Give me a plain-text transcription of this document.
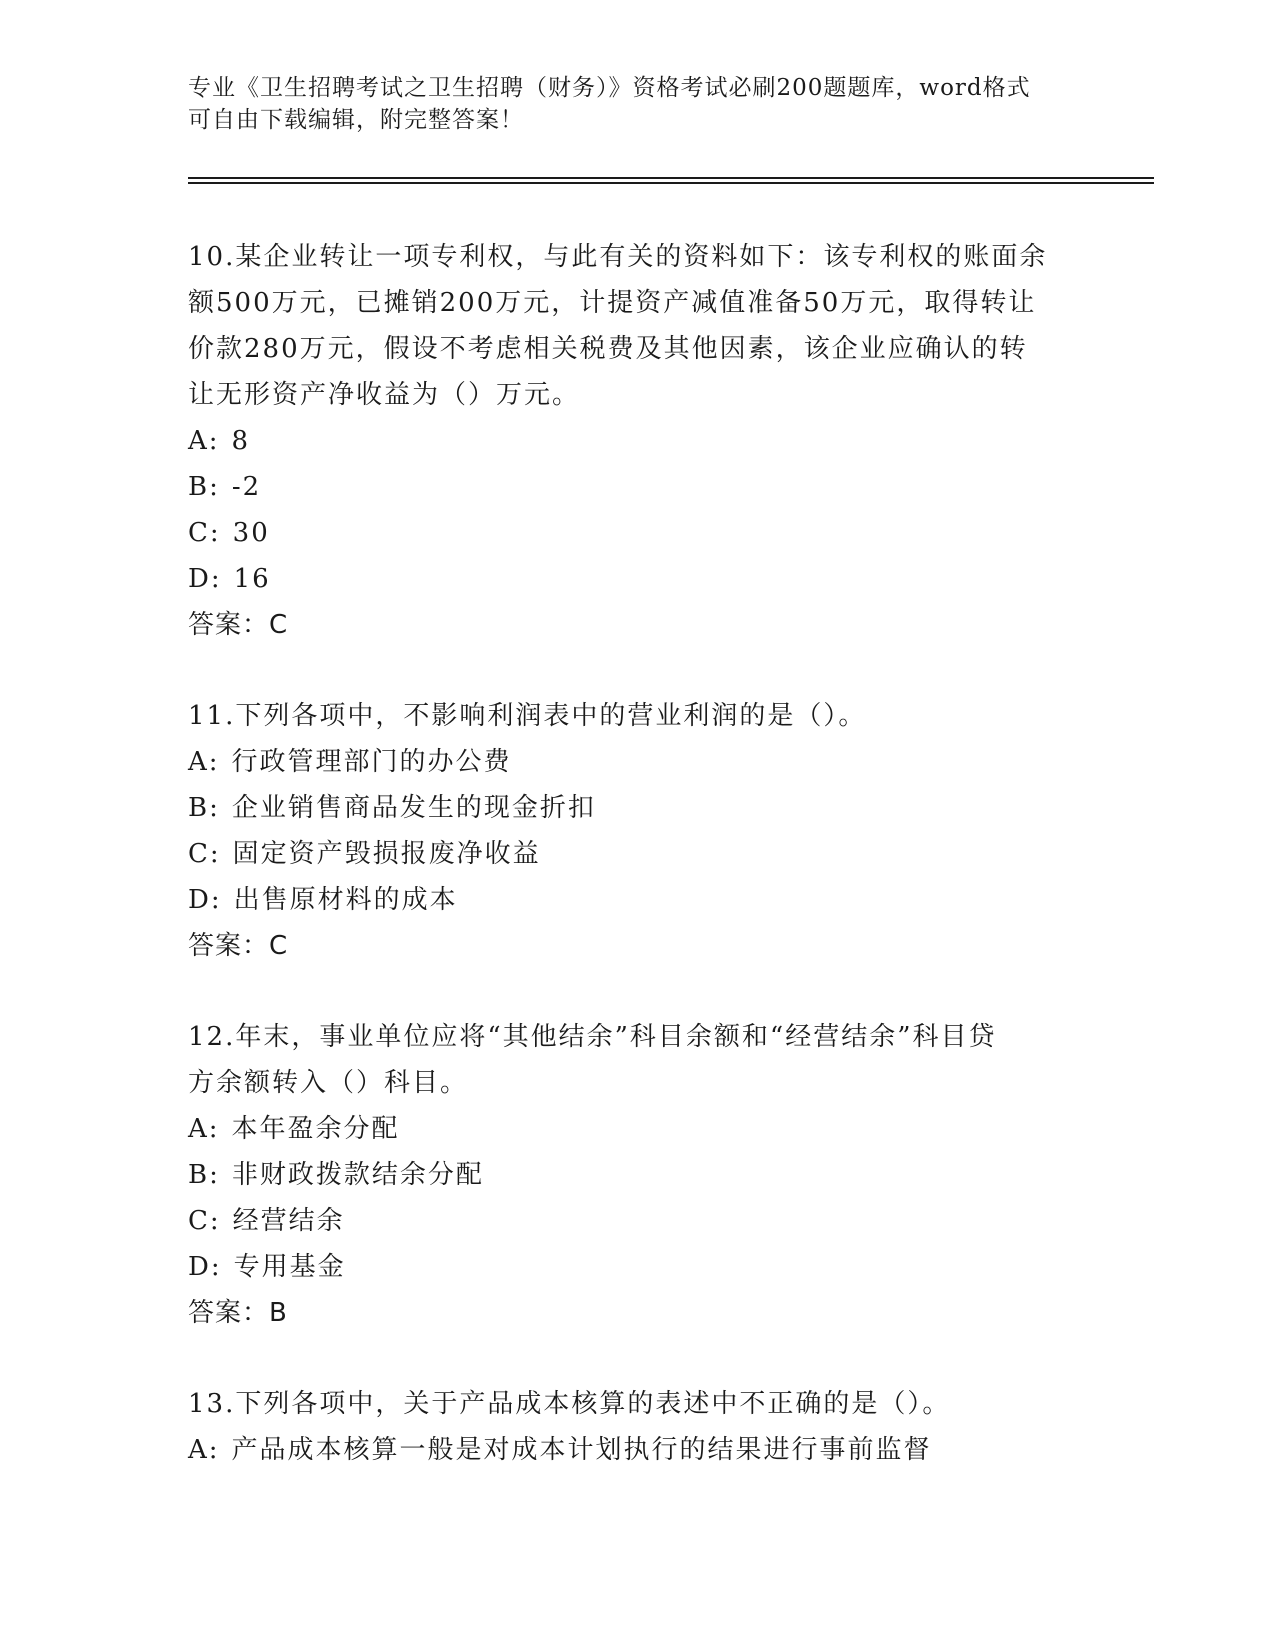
专业《卫生招聘考试之卫生招聘（财务）》资格考试必刷200题题库，word格式
可自由下载编辑，附完整答案！

10.某企业转让一项专利权，与此有关的资料如下：该专利权的账面余
额500万元，已摊销200万元，计提资产减值准备50万元，取得转让
价款280万元，假设不考虑相关税费及其他因素，该企业应确认的转
让无形资产净收益为（）万元。

A: 8

B: -2

C: 30

D: 16

答案：C

11.下列各项中，不影响利润表中的营业利润的是（）。

A: 行政管理部门的办公费

B: 企业销售商品发生的现金折扣

C: 固定资产毁损报废净收益

D: 出售原材料的成本

答案：C

12.年末，事业单位应将“其他结余”科目余额和“经营结余”科目贷
方余额转入（）科目。

A: 本年盈余分配

B: 非财政拨款结余分配

C: 经营结余

D: 专用基金

答案：B

13.下列各项中，关于产品成本核算的表述中不正确的是（）。

A: 产品成本核算一般是对成本计划执行的结果进行事前监督
